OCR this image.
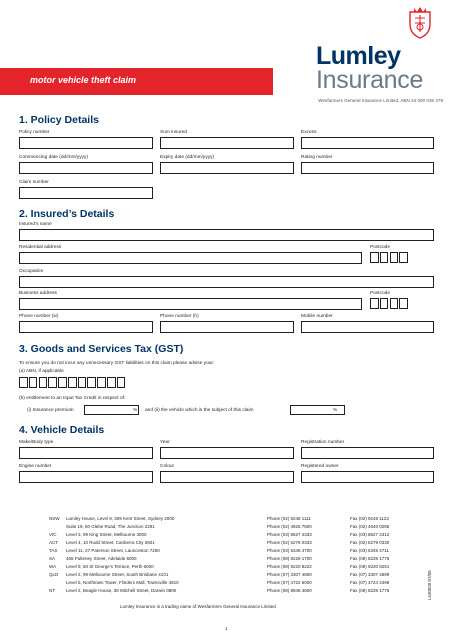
motor vehicle theft claim
Lumley
Insurance
Wesfarmers General Insurance Limited, ABN 24 000 036 279
1. Policy Details
Policy number	Sum insured	Excess
Commencing date (dd/mm/yyyy)	Expiry date (dd/mm/yyyy)	Rating number
Claim number
2. Insured’s Details
Insured’s name
Residential address	Postcode
Occupation
Business address	Postcode
Phone number (w)	Phone number (h)	Mobile number
3. Goods and Services Tax (GST)
To ensure you do not incur any unnecessary GST liabilities on this claim please advise your:
(a) ABN, if applicable
(b) entitlement to an Input Tax Credit in respect of:
(i) Insurance premium	% and (ii) the vehicle which is the subject of this claim	%
4. Vehicle Details
Make/Body type	Year	Registration number
Engine number	Colour	Registered owner
NSW Lumley House, Level 9, 309 Kent Street, Sydney 2000	Phone (02) 9248 1111	Fax (02) 9248 1122
Suite 19, 50 Glebe Road, The Junction 2291	Phone (02) 4925 7500	Fax (02) 4940 0295
VIC Level 3, 99 King Street, Melbourne 3000	Phone (03) 8627 4333	Fax (03) 8627 4312
ACT Level 4, 10 Rudd Street, Canberra City 2601	Phone (02) 6279 0333	Fax (02) 6279 0330
TAS Level 11, 27 Paterson Street, Launceston 7250	Phone (03) 6345 4700	Fax (03) 6345 4711
SA 465 Pulteney Street, Adelaide 5000	Phone (08) 8228 1700	Fax (08) 8228 1775
WA Level 9, 50 St George’s Terrace, Perth 6000	Phone (08) 9220 8222	Fax (08) 9220 8251
QLD Level 2, 99 Melbourne Street, South Brisbane 4101	Phone (07) 3307 4800	Fax (07) 3307 4899
Level 5, Northtown Tower, Flinders Mall, Townsville 4810	Phone (07) 4722 6000	Fax (07) 4724 4398
NT Level 2, Beagle House, 38 Mitchell Street, Darwin 0800	Phone (08) 8946 4600	Fax (08) 8228 1775
Lumley Insurance is a trading name of Wesfarmers General Insurance Limited
1
LGI0020 07/05
